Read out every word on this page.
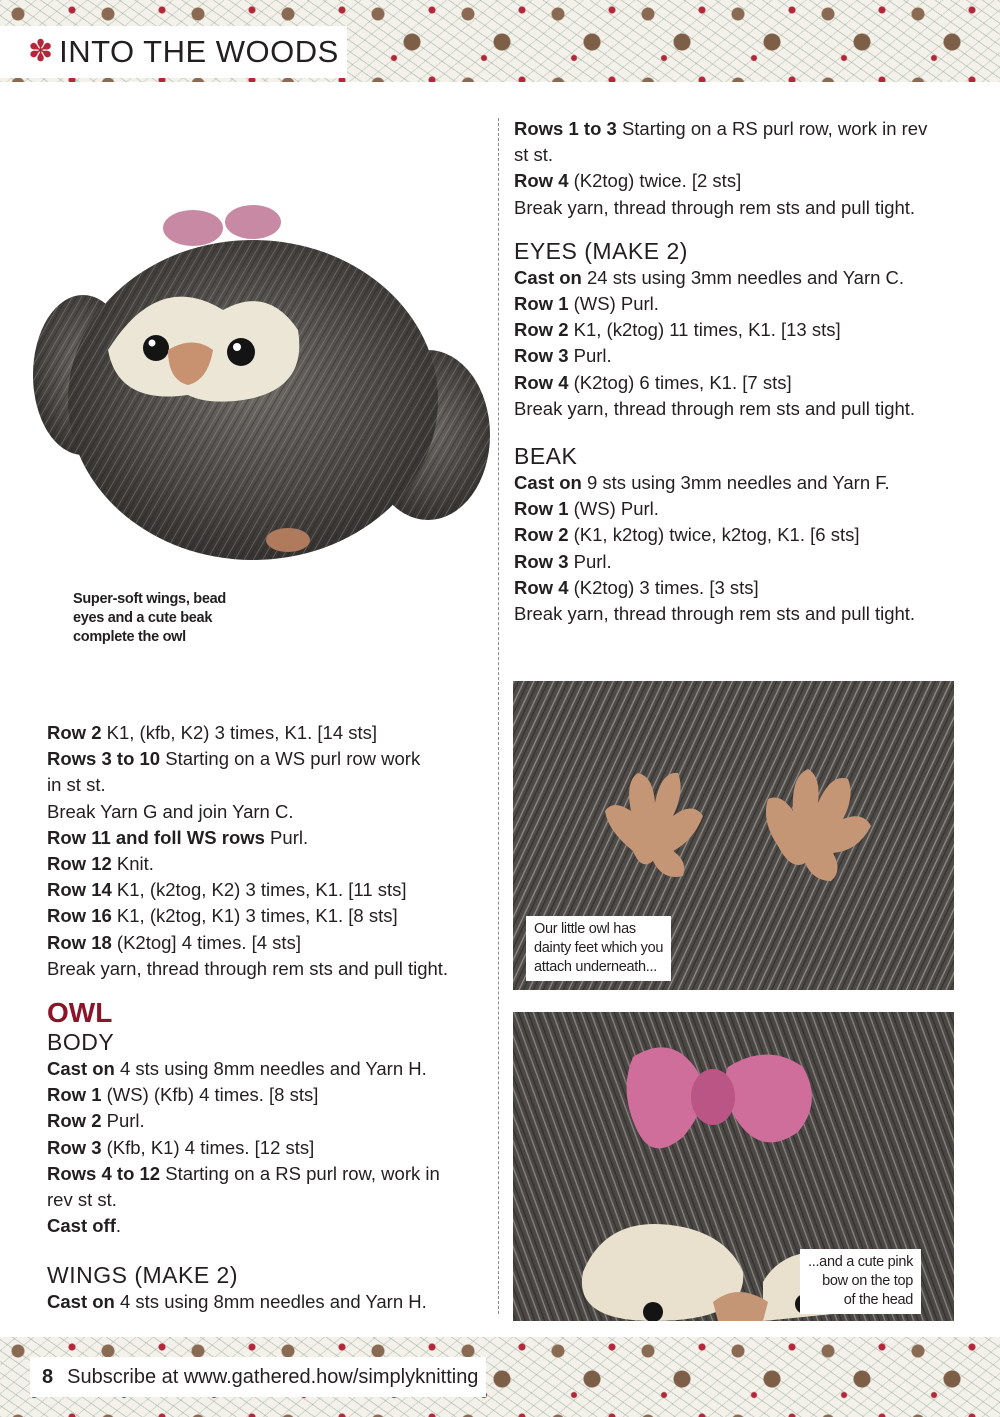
✽ INTO THE WOODS
Super-soft wings, bead
eyes and a cute beak
complete the owl

Rows 1 to 3 Starting on a RS purl row, work in rev

st st.

Row 4 (K2tog) twice. [2 sts]

Break yarn, thread through rem sts and pull tight.

EYES (MAKE 2)

Cast on 24 sts using 3mm needles and Yarn C.

Row 1 (WS) Purl.

Row 2 K1, (k2tog) 11 times, K1. [13 sts]

Row 3 Purl.

Row 4 (K2tog) 6 times, K1. [7 sts]

Break yarn, thread through rem sts and pull tight.

BEAK

Cast on 9 sts using 3mm needles and Yarn F.

Row 1 (WS) Purl.

Row 2 (K1, k2tog) twice, k2tog, K1. [6 sts]

Row 3 Purl.

Row 4 (K2tog) 3 times. [3 sts]

Break yarn, thread through rem sts and pull tight.

Row 2 K1, (kfb, K2) 3 times, K1. [14 sts]

Rows 3 to 10 Starting on a WS purl row work

in st st.

Break Yarn G and join Yarn C.

Row 11 and foll WS rows Purl.

Row 12 Knit.

Row 14 K1, (k2tog, K2) 3 times, K1. [11 sts]

Row 16 K1, (k2tog, K1) 3 times, K1. [8 sts]

Row 18 (K2tog] 4 times. [4 sts]

Break yarn, thread through rem sts and pull tight.

OWL
BODY

Cast on 4 sts using 8mm needles and Yarn H.

Row 1 (WS) (Kfb) 4 times. [8 sts]

Row 2 Purl.

Row 3 (Kfb, K1) 4 times. [12 sts]

Rows 4 to 12 Starting on a RS purl row, work in

rev st st.

Cast off.

WINGS (MAKE 2)

Cast on 4 sts using 8mm needles and Yarn H.

Our little owl has
dainty feet which you
attach underneath...
...and a cute pink
bow on the top
of the head
8 Subscribe at www.gathered.how/simplyknitting
